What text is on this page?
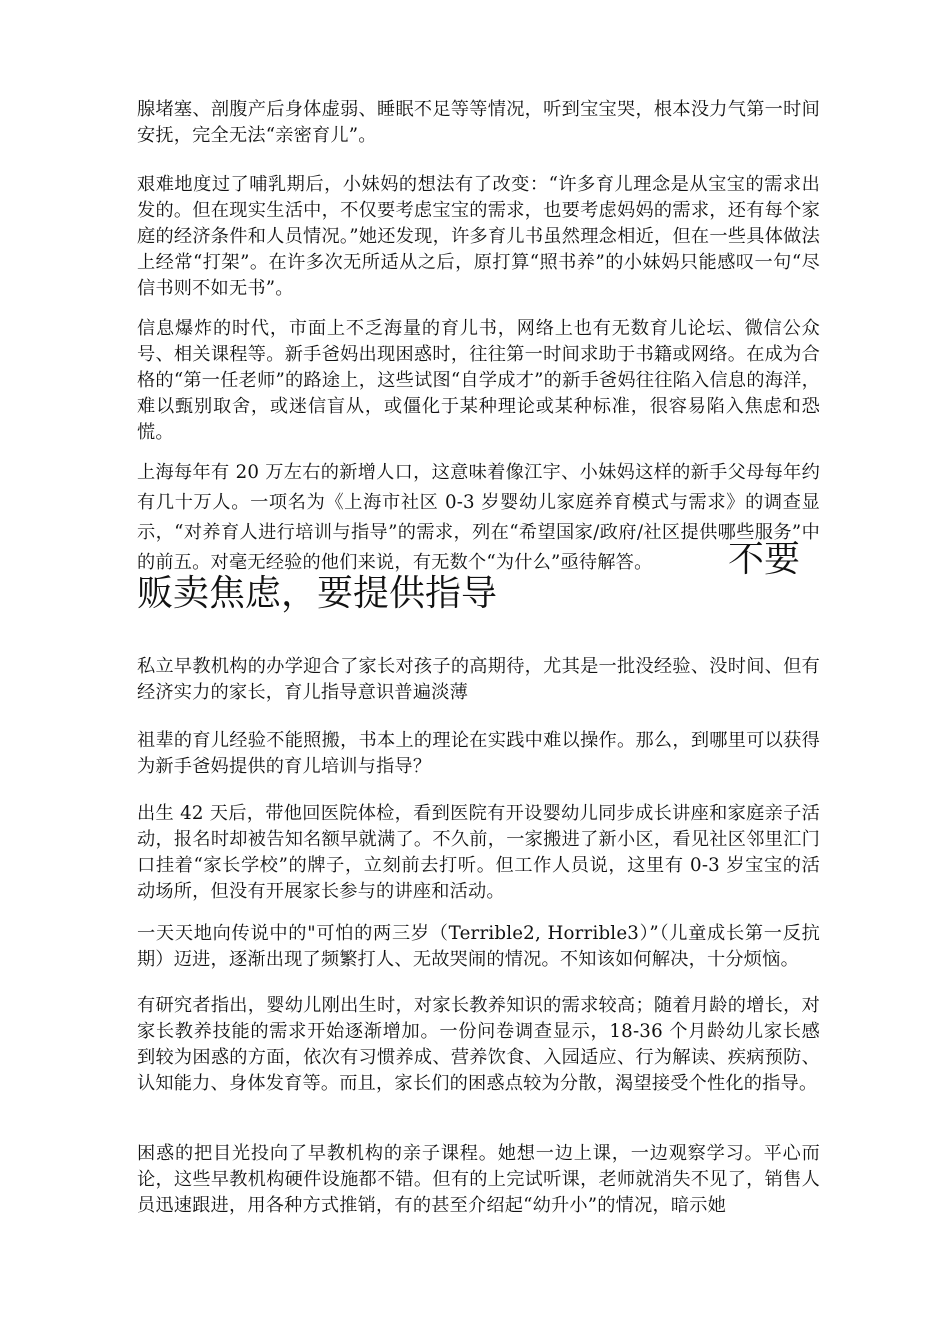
腺堵塞、剖腹产后身体虚弱、睡眠不足等等情况，听到宝宝哭，根本没力气第一时间安抚，完全无法“亲密育儿”。

艰难地度过了哺乳期后，小妹妈的想法有了改变：“许多育儿理念是从宝宝的需求出发的。但在现实生活中，不仅要考虑宝宝的需求，也要考虑妈妈的需求，还有每个家庭的经济条件和人员情况。”她还发现，许多育儿书虽然理念相近，但在一些具体做法上经常“打架”。在许多次无所适从之后，原打算“照书养”的小妹妈只能感叹一句“尽信书则不如无书”。

信息爆炸的时代，市面上不乏海量的育儿书，网络上也有无数育儿论坛、微信公众号、相关课程等。新手爸妈出现困惑时，往往第一时间求助于书籍或网络。在成为合格的“第一任老师”的路途上，这些试图“自学成才”的新手爸妈往往陷入信息的海洋，难以甄别取舍，或迷信盲从，或僵化于某种理论或某种标准，很容易陷入焦虑和恐慌。

上海每年有 20 万左右的新增人口，这意味着像江宇、小妹妈这样的新手父母每年约有几十万人。一项名为《上海市社区 0-3 岁婴幼儿家庭养育模式与需求》的调查显示，“对养育人进行培训与指导”的需求，列在“希望国家/政府/社区提供哪些服务”中的前五。对毫无经验的他们来说，有无数个“为什么”亟待解答。	不要
贩卖焦虑，要提供指导

私立早教机构的办学迎合了家长对孩子的高期待，尤其是一批没经验、没时间、但有经济实力的家长，育儿指导意识普遍淡薄

祖辈的育儿经验不能照搬，书本上的理论在实践中难以操作。那么，到哪里可以获得为新手爸妈提供的育儿培训与指导？

出生 42 天后，带他回医院体检，看到医院有开设婴幼儿同步成长讲座和家庭亲子活动，报名时却被告知名额早就满了。不久前，一家搬进了新小区，看见社区邻里汇门口挂着“家长学校”的牌子，立刻前去打听。但工作人员说，这里有 0-3 岁宝宝的活动场所，但没有开展家长参与的讲座和活动。

一天天地向传说中的"可怕的两三岁（Terrible2, Horrible3）”（儿童成长第一反抗期）迈进，逐渐出现了频繁打人、无故哭闹的情况。不知该如何解决，十分烦恼。

有研究者指出，婴幼儿刚出生时，对家长教养知识的需求较高；随着月龄的增长，对家长教养技能的需求开始逐渐增加。一份问卷调查显示，18-36 个月龄幼儿家长感到较为困惑的方面，依次有习惯养成、营养饮食、入园适应、行为解读、疾病预防、认知能力、身体发育等。而且，家长们的困惑点较为分散，渴望接受个性化的指导。

困惑的把目光投向了早教机构的亲子课程。她想一边上课，一边观察学习。平心而论，这些早教机构硬件设施都不错。但有的上完试听课，老师就消失不见了，销售人员迅速跟进，用各种方式推销，有的甚至介绍起“幼升小”的情况，暗示她
